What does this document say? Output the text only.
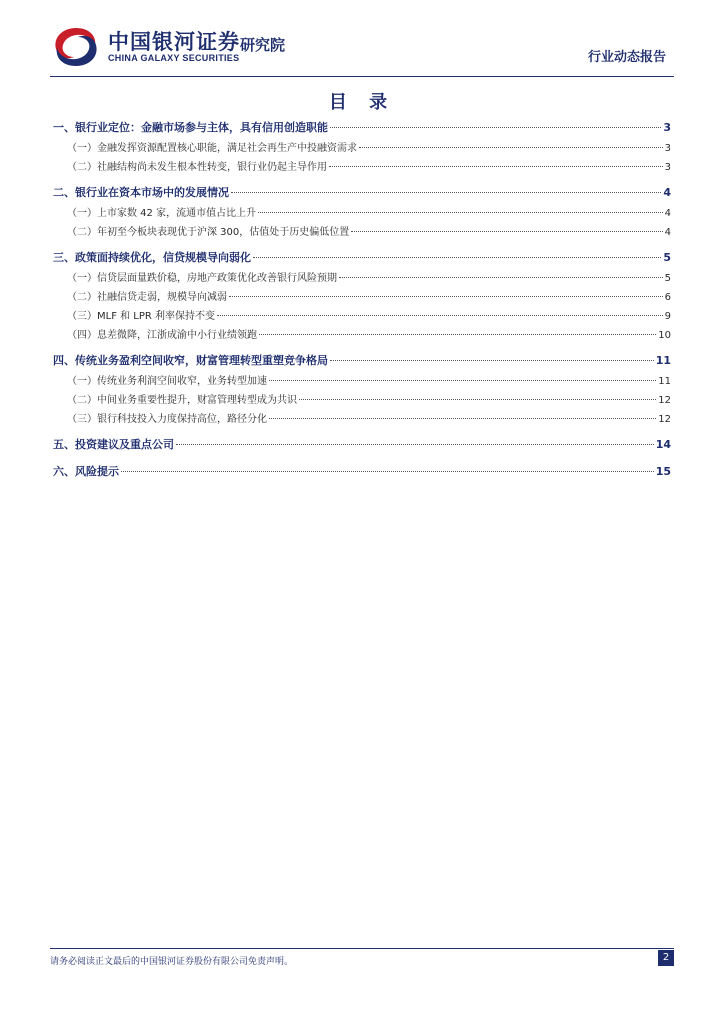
中国银河证券
CHINA GALAXY SECURITIES
研究院
行业动态报告
目 录
一、银行业定位：金融市场参与主体，具有信用创造职能	3
（一）金融发挥资源配置核心职能，满足社会再生产中投融资需求	3
（二）社融结构尚未发生根本性转变，银行业仍起主导作用	3
二、银行业在资本市场中的发展情况	4
（一）上市家数 42 家，流通市值占比上升	4
（二）年初至今板块表现优于沪深 300，估值处于历史偏低位置	4
三、政策面持续优化，信贷规模导向弱化	5
（一）信贷层面量跌价稳，房地产政策优化改善银行风险预期	5
（二）社融信贷走弱，规模导向减弱	6
（三）MLF 和 LPR 利率保持不变	9
（四）息差微降，江浙成渝中小行业绩领跑	10
四、传统业务盈利空间收窄，财富管理转型重塑竞争格局	11
（一）传统业务利润空间收窄，业务转型加速	11
（二）中间业务重要性提升，财富管理转型成为共识	12
（三）银行科技投入力度保持高位，路径分化	12
五、投资建议及重点公司	14
六、风险提示	15
请务必阅读正文最后的中国银河证券股份有限公司免责声明。	2
